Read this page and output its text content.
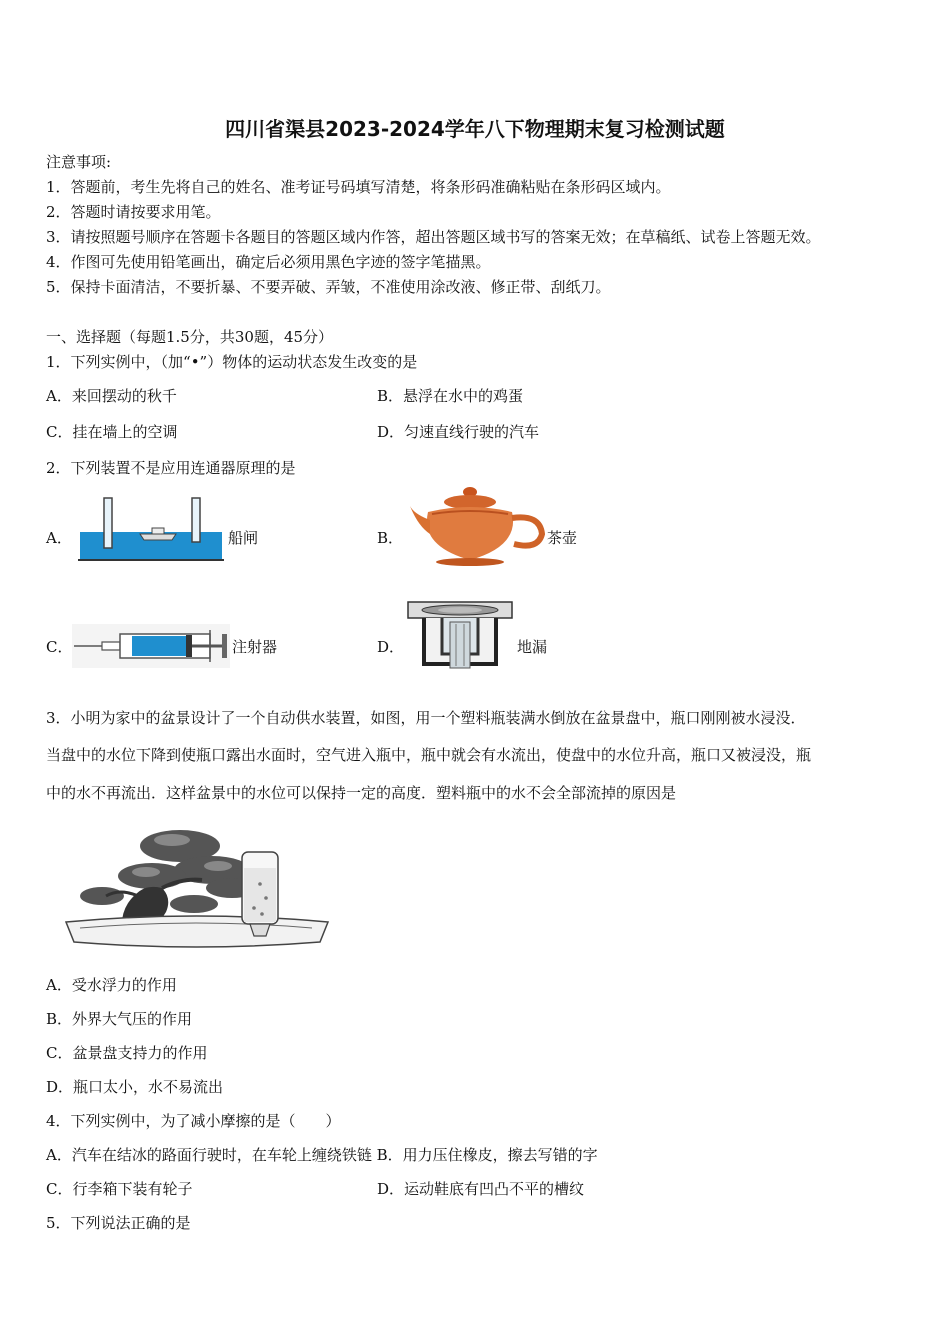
四川省渠县2023-2024学年八下物理期末复习检测试题
注意事项:
1．答题前，考生先将自己的姓名、准考证号码填写清楚，将条形码准确粘贴在条形码区域内。
2．答题时请按要求用笔。
3．请按照题号顺序在答题卡各题目的答题区域内作答，超出答题区域书写的答案无效；在草稿纸、试卷上答题无效。
4．作图可先使用铅笔画出，确定后必须用黑色字迹的签字笔描黑。
5．保持卡面清洁，不要折暴、不要弄破、弄皱，不准使用涂改液、修正带、刮纸刀。
一、选择题（每题1.5分，共30题，45分）
1．下列实例中，（加“•”）物体的运动状态发生改变的是
A．来回摆动的秋千	B．悬浮在水中的鸡蛋
C．挂在墙上的空调	D．匀速直线行驶的汽车
2．下列装置不是应用连通器原理的是
A．	船闸	B．	茶壶
C．	注射器	D．	地漏
3．小明为家中的盆景设计了一个自动供水装置，如图，用一个塑料瓶装满水倒放在盆景盘中，瓶口刚刚被水浸没．
当盘中的水位下降到使瓶口露出水面时，空气进入瓶中，瓶中就会有水流出，使盘中的水位升高，瓶口又被浸没，瓶
中的水不再流出．这样盆景中的水位可以保持一定的高度．塑料瓶中的水不会全部流掉的原因是
A．受水浮力的作用
B．外界大气压的作用
C．盆景盘支持力的作用
D．瓶口太小，水不易流出
4．下列实例中，为了减小摩擦的是（　　）
A．汽车在结冰的路面行驶时，在车轮上缠绕铁链 B．用力压住橡皮，擦去写错的字
C．行李箱下装有轮子	D．运动鞋底有凹凸不平的槽纹
5．下列说法正确的是
